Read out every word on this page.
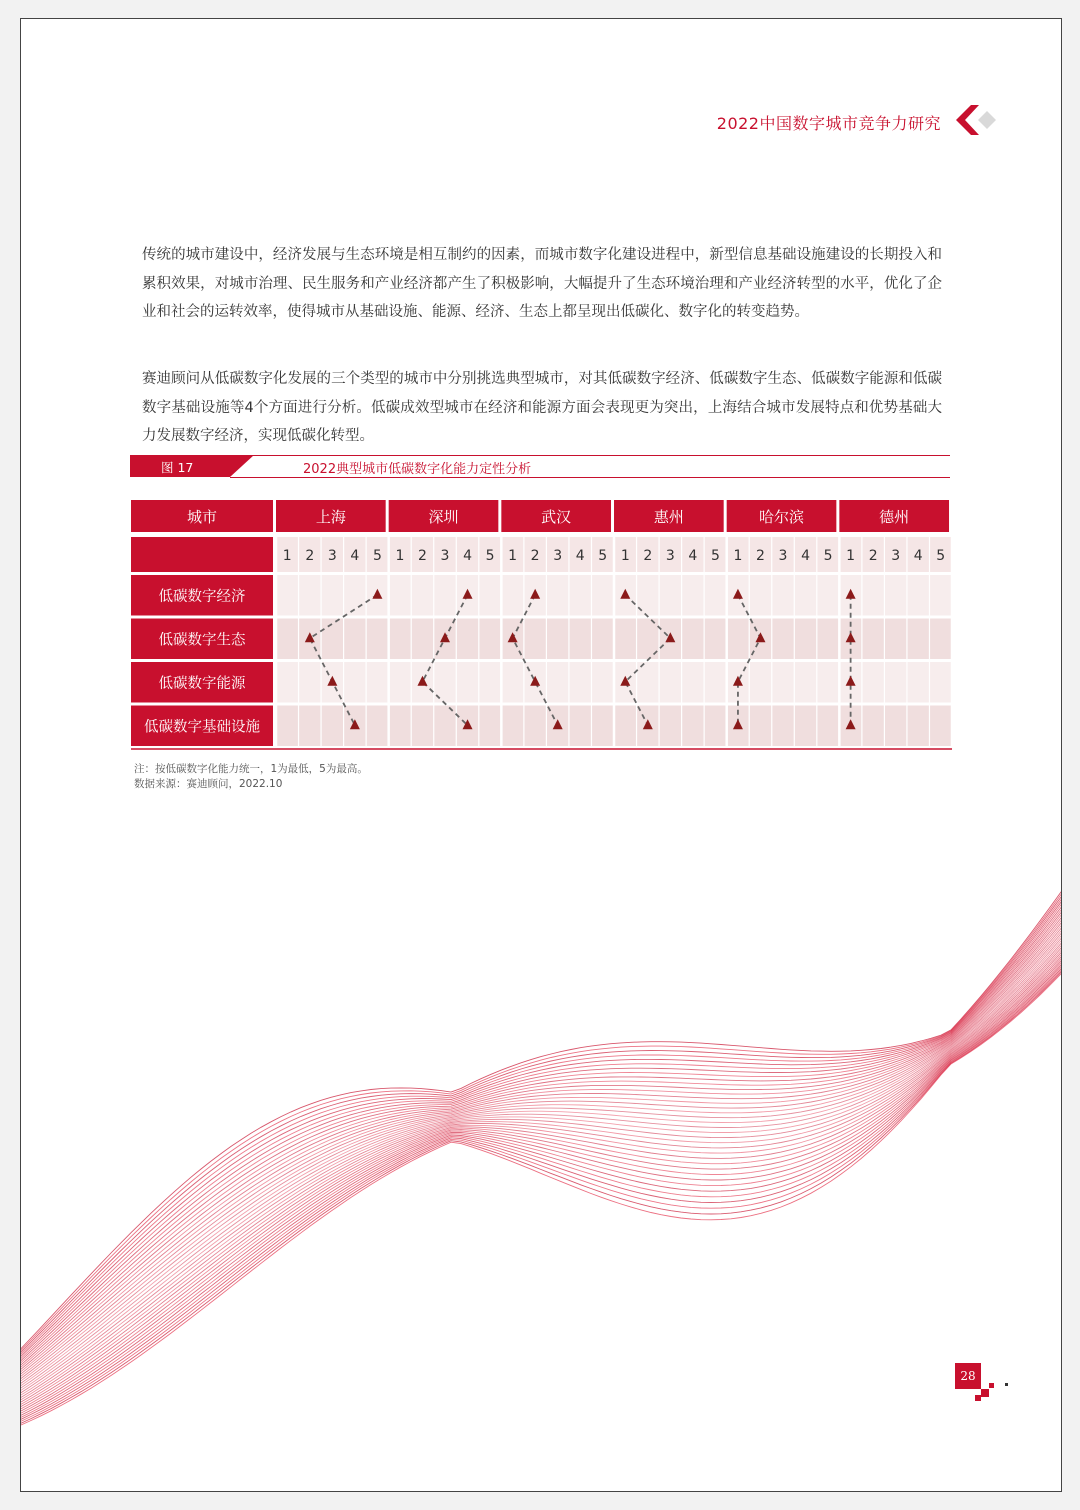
2022中国数字城市竞争力研究

传统的城市建设中，经济发展与生态环境是相互制约的因素，而城市数字化建设进程中，新型信息基础设施建设的长期投入和累积效果，对城市治理、民生服务和产业经济都产生了积极影响，大幅提升了生态环境治理和产业经济转型的水平，优化了企业和社会的运转效率，使得城市从基础设施、能源、经济、生态上都呈现出低碳化、数字化的转变趋势。

赛迪顾问从低碳数字化发展的三个类型的城市中分别挑选典型城市，对其低碳数字经济、低碳数字生态、低碳数字能源和低碳数字基础设施等4个方面进行分析。低碳成效型城市在经济和能源方面会表现更为突出，上海结合城市发展特点和优势基础大力发展数字经济，实现低碳化转型。

图 17	2022典型城市低碳数字化能力定性分析
城市
低碳数字经济
低碳数字生态
低碳数字能源
低碳数字基础设施
上海
1 2 3 4 5
深圳
1 2 3 4 5
武汉
1 2 3 4 5
惠州
1 2 3 4 5
哈尔滨
1 2 3 4 5
德州
1 2 3 4 5
注：按低碳数字化能力统一，1为最低，5为最高。
数据来源：赛迪顾问，2022.10
28
